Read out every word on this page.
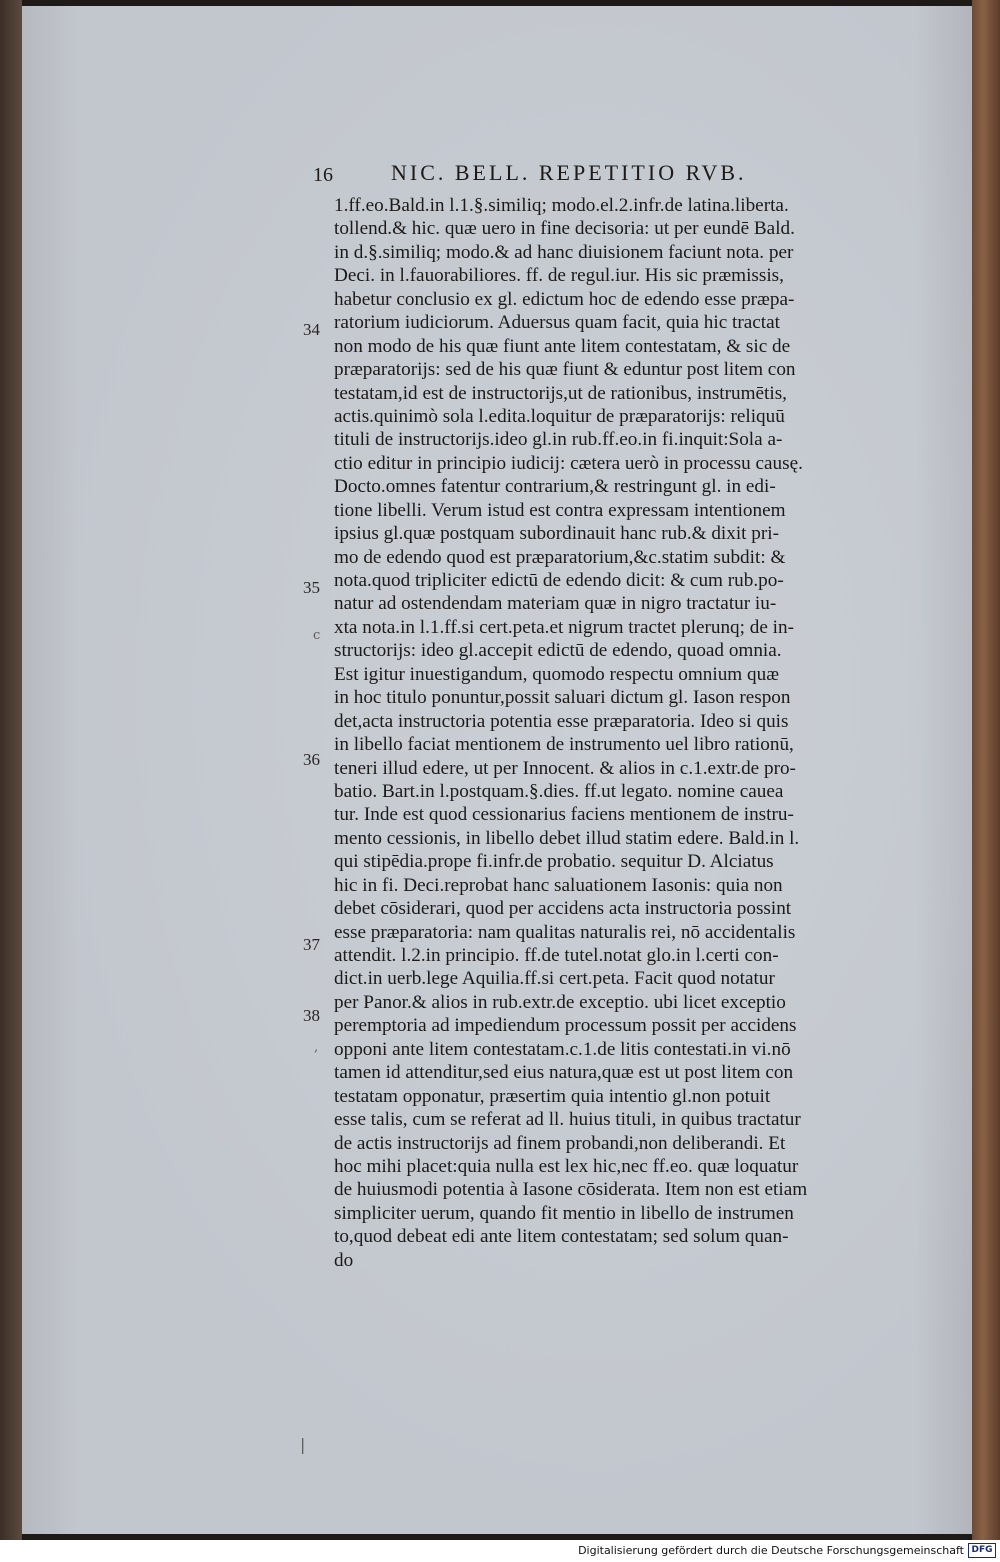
16	NIC. BELL. REPETITIO RVB.
1.ff.eo.Bald.in l.1.§.similiq; modo.el.2.infr.de latina.liberta.
tollend.& hic. quæ uero in fine decisoria: ut per eundē Bald.
in d.§.similiq; modo.& ad hanc diuisionem faciunt nota. per
Deci. in l.fauorabiliores. ff. de regul.iur. His sic præmissis,
habetur conclusio ex gl. edictum hoc de edendo esse præpa-
ratorium iudiciorum. Aduersus quam facit, quia hic tractat
non modo de his quæ fiunt ante litem contestatam, & sic de
præparatorijs: sed de his quæ fiunt & eduntur post litem con
testatam,id est de instructorijs,ut de rationibus, instrumētis,
actis.quinimò sola l.edita.loquitur de præparatorijs: reliquū
tituli de instructorijs.ideo gl.in rub.ff.eo.in fi.inquit:Sola a-
ctio editur in principio iudicij: cætera uerò in processu causę.
Docto.omnes fatentur contrarium,& restringunt gl. in edi-
tione libelli. Verum istud est contra expressam intentionem
ipsius gl.quæ postquam subordinauit hanc rub.& dixit pri-
mo de edendo quod est præparatorium,&c.statim subdit: &
nota.quod tripliciter edictū de edendo dicit: & cum rub.po-
natur ad ostendendam materiam quæ in nigro tractatur iu-
xta nota.in l.1.ff.si cert.peta.et nigrum tractet plerunq; de in-
structorijs: ideo gl.accepit edictū de edendo, quoad omnia.
Est igitur inuestigandum, quomodo respectu omnium quæ
in hoc titulo ponuntur,possit saluari dictum gl. Iason respon
det,acta instructoria potentia esse præparatoria. Ideo si quis
in libello faciat mentionem de instrumento uel libro rationū,
teneri illud edere, ut per Innocent. & alios in c.1.extr.de pro-
batio. Bart.in l.postquam.§.dies. ff.ut legato. nomine cauea
tur. Inde est quod cessionarius faciens mentionem de instru-
mento cessionis, in libello debet illud statim edere. Bald.in l.
qui stipēdia.prope fi.infr.de probatio. sequitur D. Alciatus
hic in fi. Deci.reprobat hanc saluationem Iasonis: quia non
debet cōsiderari, quod per accidens acta instructoria possint
esse præparatoria: nam qualitas naturalis rei, nō accidentalis
attendit. l.2.in principio. ff.de tutel.notat glo.in l.certi con-
dict.in uerb.lege Aquilia.ff.si cert.peta. Facit quod notatur
per Panor.& alios in rub.extr.de exceptio. ubi licet exceptio
peremptoria ad impediendum processum possit per accidens
opponi ante litem contestatam.c.1.de litis contestati.in vi.nō
tamen id attenditur,sed eius natura,quæ est ut post litem con
testatam opponatur, præsertim quia intentio gl.non potuit
esse talis, cum se referat ad ll. huius tituli, in quibus tractatur
de actis instructorijs ad finem probandi,non deliberandi. Et
hoc mihi placet:quia nulla est lex hic,nec ff.eo. quæ loquatur
de huiusmodi potentia à Iasone cōsiderata. Item non est etiam
simpliciter uerum, quando fit mentio in libello de instrumen
to,quod debeat edi ante litem contestatam; sed solum quan-
do
34
35
36
37
38
c
,
|
Digitalisierung gefördert durch die Deutsche Forschungsgemeinschaft DFG
